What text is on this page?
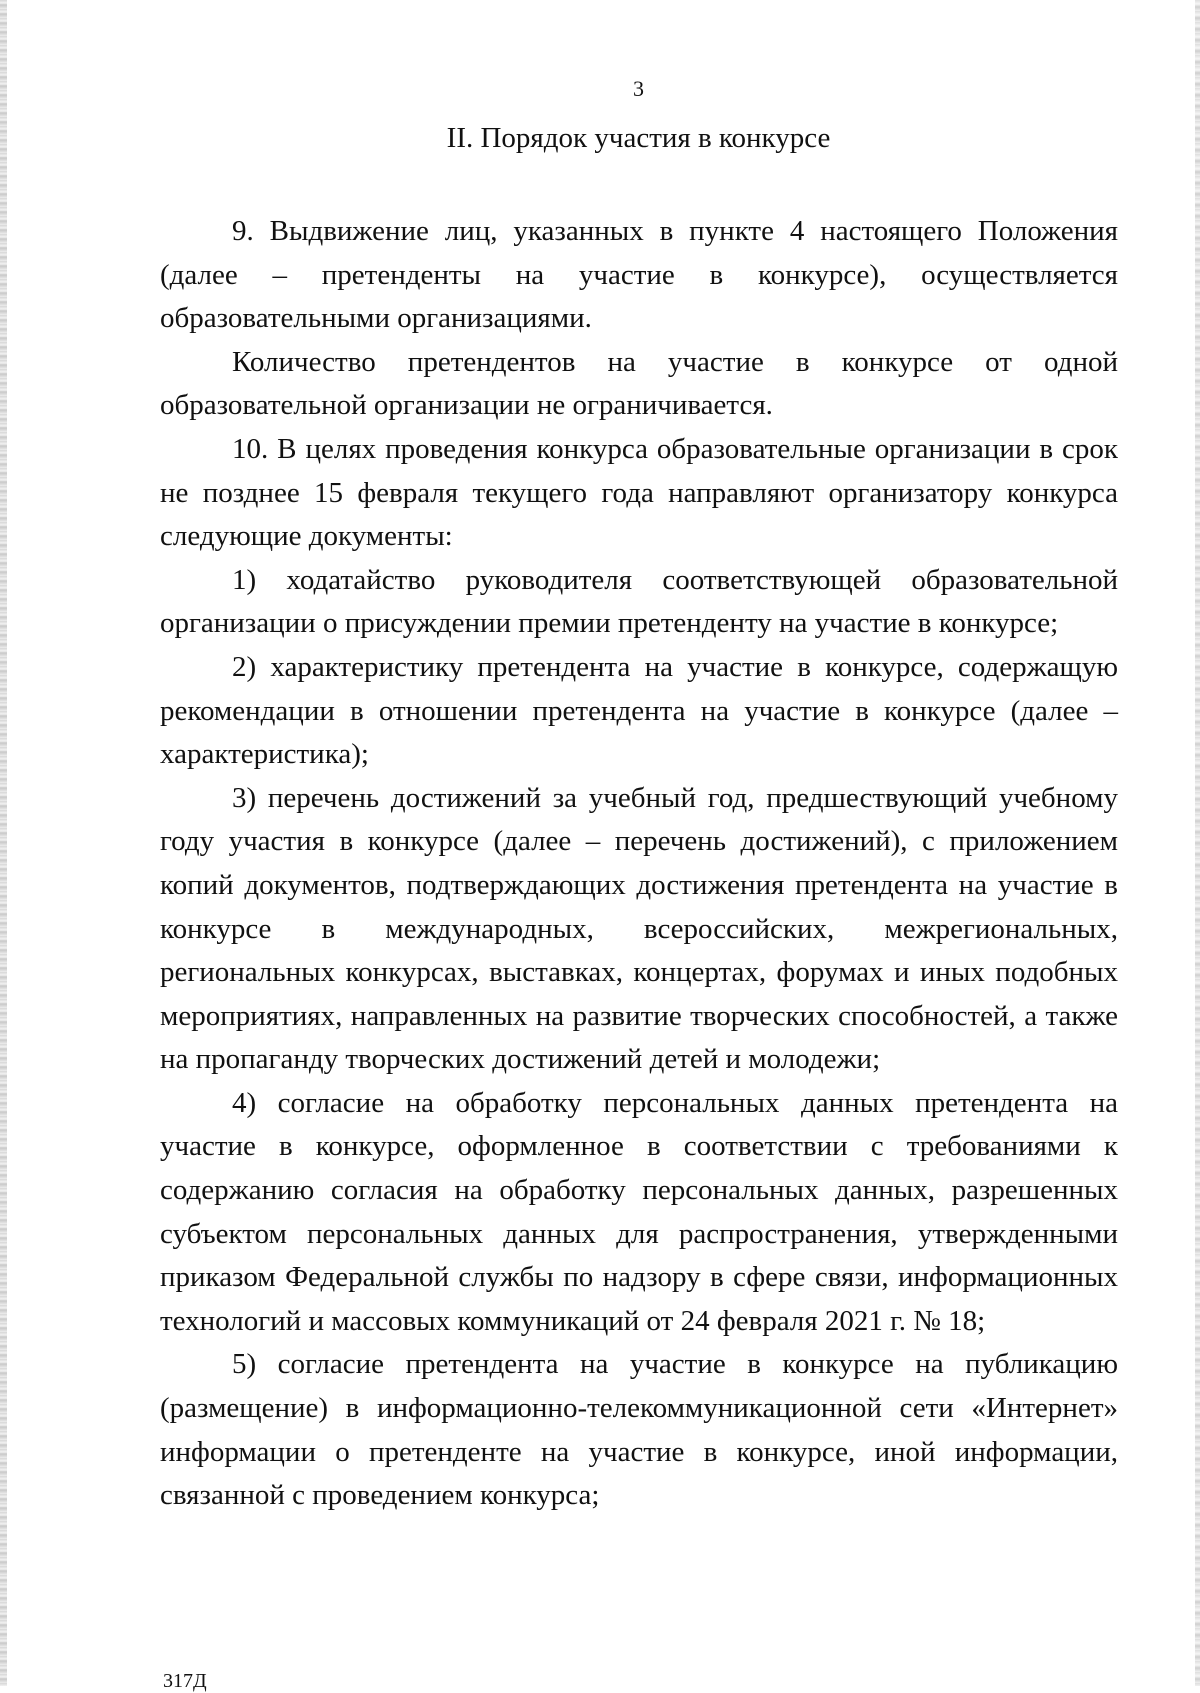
3
II. Порядок участия в конкурсе

9. Выдвижение лиц, указанных в пункте 4 настоящего Положения (далее – претенденты на участие в конкурсе), осуществляется образовательными организациями.

Количество претендентов на участие в конкурсе от одной образовательной организации не ограничивается.

10. В целях проведения конкурса образовательные организации в срок не позднее 15 февраля текущего года направляют организатору конкурса следующие документы:

1) ходатайство руководителя соответствующей образовательной организации о присуждении премии претенденту на участие в конкурсе;

2) характеристику претендента на участие в конкурсе, содержащую рекомендации в отношении претендента на участие в конкурсе (далее – характеристика);

3) перечень достижений за учебный год, предшествующий учебному году участия в конкурсе (далее – перечень достижений), с приложением копий документов, подтверждающих достижения претендента на участие в конкурсе в международных, всероссийских, межрегиональных, региональных конкурсах, выставках, концертах, форумах и иных подобных мероприятиях, направленных на развитие творческих способностей, а также на пропаганду творческих достижений детей и молодежи;

4) согласие на обработку персональных данных претендента на участие в конкурсе, оформленное в соответствии с требованиями к содержанию согласия на обработку персональных данных, разрешенных субъектом персональных данных для распространения, утвержденными приказом Федеральной службы по надзору в сфере связи, информационных технологий и массовых коммуникаций от 24 февраля 2021 г. № 18;

5) согласие претендента на участие в конкурсе на публикацию (размещение) в информационно-телекоммуникационной сети «Интернет» информации о претенденте на участие в конкурсе, иной информации, связанной с проведением конкурса;

317Д
